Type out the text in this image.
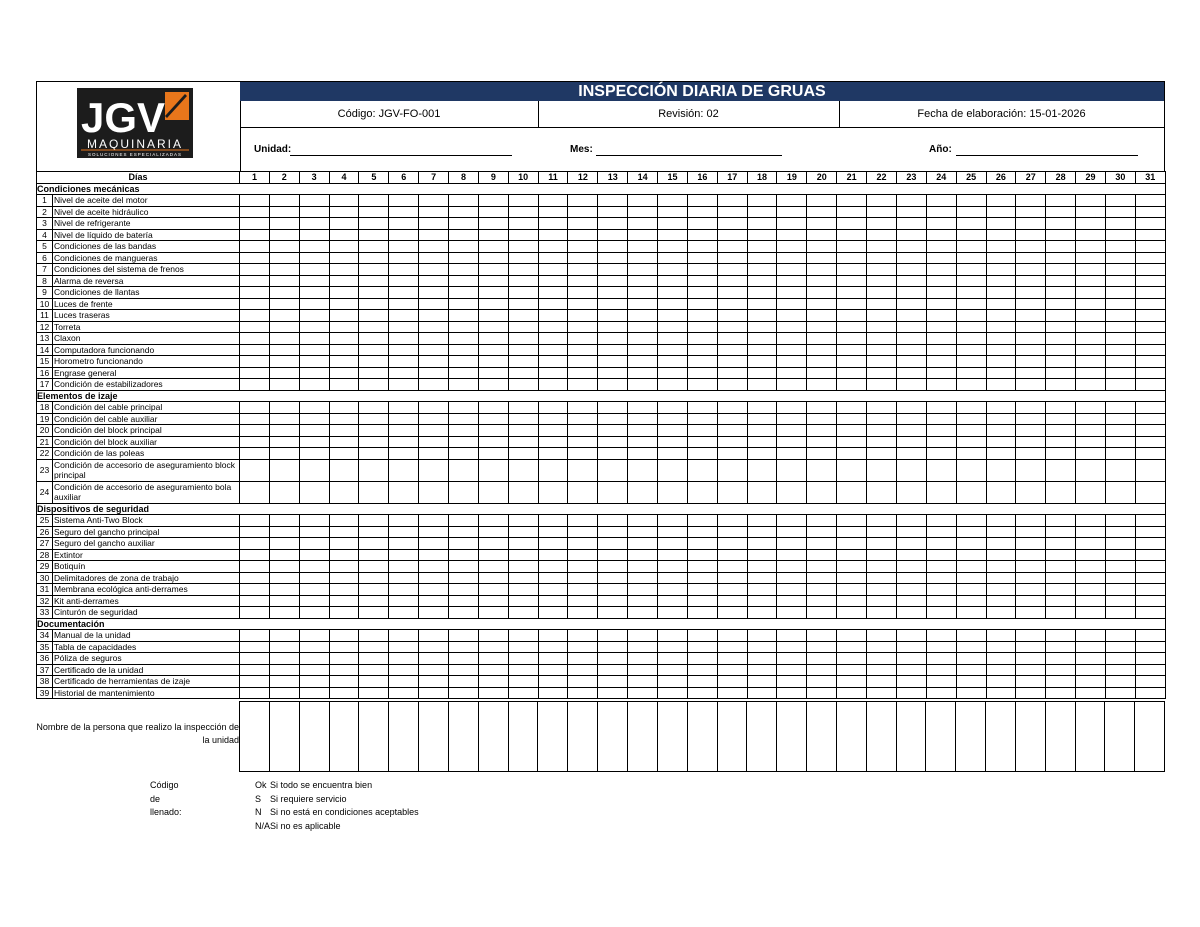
JGV
MAQUINARIA
SOLUCIONES ESPECIALIZADAS
INSPECCIÓN DIARIA DE GRUAS
Código: JGV-FO-001	Revisión: 02	Fecha de elaboración: 15-01-2026
Unidad:	Mes:	Año:
Días		1	2	3	4	5	6	7	8	9	10	11	12	13	14	15	16	17	18	19	20	21	22	23	24	25	26	27	28	29	30	31
Condiciones mecánicas																																
1	Nivel de aceite del motor																															
2	Nivel de aceite hidráulico																															
3	Nivel de refrigerante																															
4	Nivel de líquido de batería																															
5	Condiciones de las bandas																															
6	Condiciones de mangueras																															
7	Condiciones del sistema de frenos																															
8	Alarma de reversa																															
9	Condiciones de llantas																															
10	Luces de frente																															
11	Luces traseras																															
12	Torreta																															
13	Claxon																															
14	Computadora funcionando																															
15	Horometro funcionando																															
16	Engrase general																															
17	Condición de estabilizadores																															
Elementos de izaje																																
18	Condición del cable principal																															
19	Condición del cable auxiliar																															
20	Condición del block principal																															
21	Condición del block auxiliar																															
22	Condición de las poleas																															
23	Condición de accesorio de aseguramiento block principal																															
24	Condición de accesorio de aseguramiento bola auxiliar																															
Dispositivos de seguridad																																
25	Sistema Anti-Two Block																															
26	Seguro del gancho principal																															
27	Seguro del gancho auxiliar																															
28	Extintor																															
29	Botiquín																															
30	Delimitadores de zona de trabajo																															
31	Membrana ecológica anti-derrames																															
32	Kit anti-derrames																															
33	Cinturón de seguridad																															
Documentación																																
34	Manual de la unidad																															
35	Tabla de capacidades																															
36	Póliza de seguros																															
37	Certificado de la unidad																															
38	Certificado de herramientas de izaje																															
39	Historial de mantenimiento																															
Nombre de la persona que realizo la inspección de la unidad
Código de llenado:
Ok Si todo se encuentra bien
S Si requiere servicio
N Si no está en condiciones aceptables
N/A Si no es aplicable
